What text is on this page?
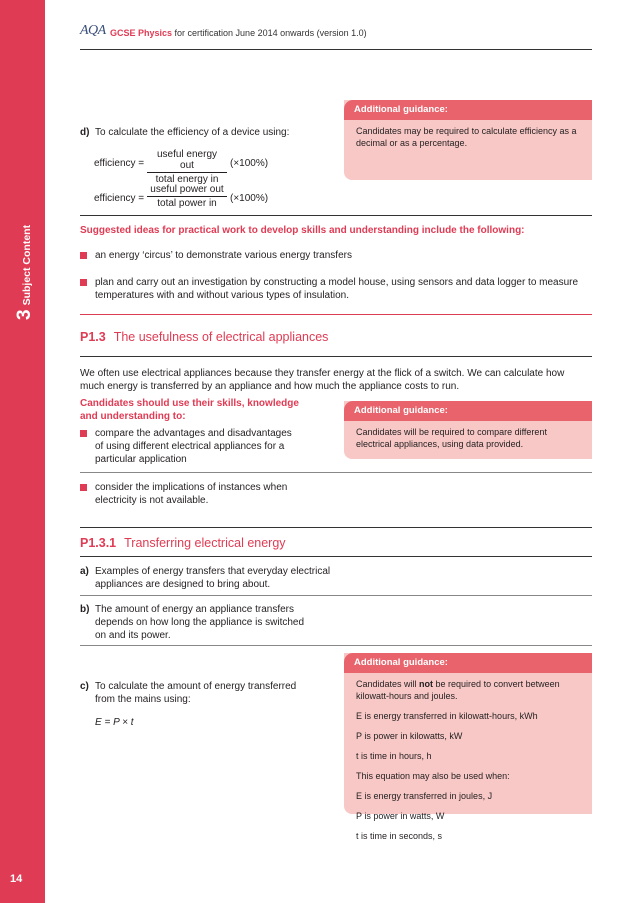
3
Subject Content
14
AQA GCSE Physics for certification June 2014 onwards (version 1.0)
d) To calculate the efficiency of a device using:
efficiency =
useful energy out
total energy in
(×100%)
efficiency =
useful power out
total power in	(×100%)
Additional guidance:

Candidates may be required to calculate efficiency as a decimal or as a percentage.

Suggested ideas for practical work to develop skills and understanding include the following:
an energy ‘circus’ to demonstrate various energy transfers
plan and carry out an investigation by constructing a model house, using sensors and data logger to measure
temperatures with and without various types of insulation.
P1.3 The usefulness of electrical appliances
We often use electrical appliances because they transfer energy at the flick of a switch. We can calculate how
much energy is transferred by an appliance and how much the appliance costs to run.
Candidates should use their skills, knowledge
and understanding to:
compare the advantages and disadvantages
of using different electrical appliances for a
particular application
Additional guidance:

Candidates will be required to compare different electrical appliances, using data provided.

consider the implications of instances when
electricity is not available.
P1.3.1 Transferring electrical energy
a) Examples of energy transfers that everyday electrical
appliances are designed to bring about.
b) The amount of energy an appliance transfers
depends on how long the appliance is switched
on and its power.
c) To calculate the amount of energy transferred
from the mains using:
E = P × t
Additional guidance:

Candidates will not be required to convert between kilowatt-hours and joules.

E is energy transferred in kilowatt-hours, kWh

P is power in kilowatts, kW

t is time in hours, h

This equation may also be used when:

E is energy transferred in joules, J

P is power in watts, W

t is time in seconds, s
